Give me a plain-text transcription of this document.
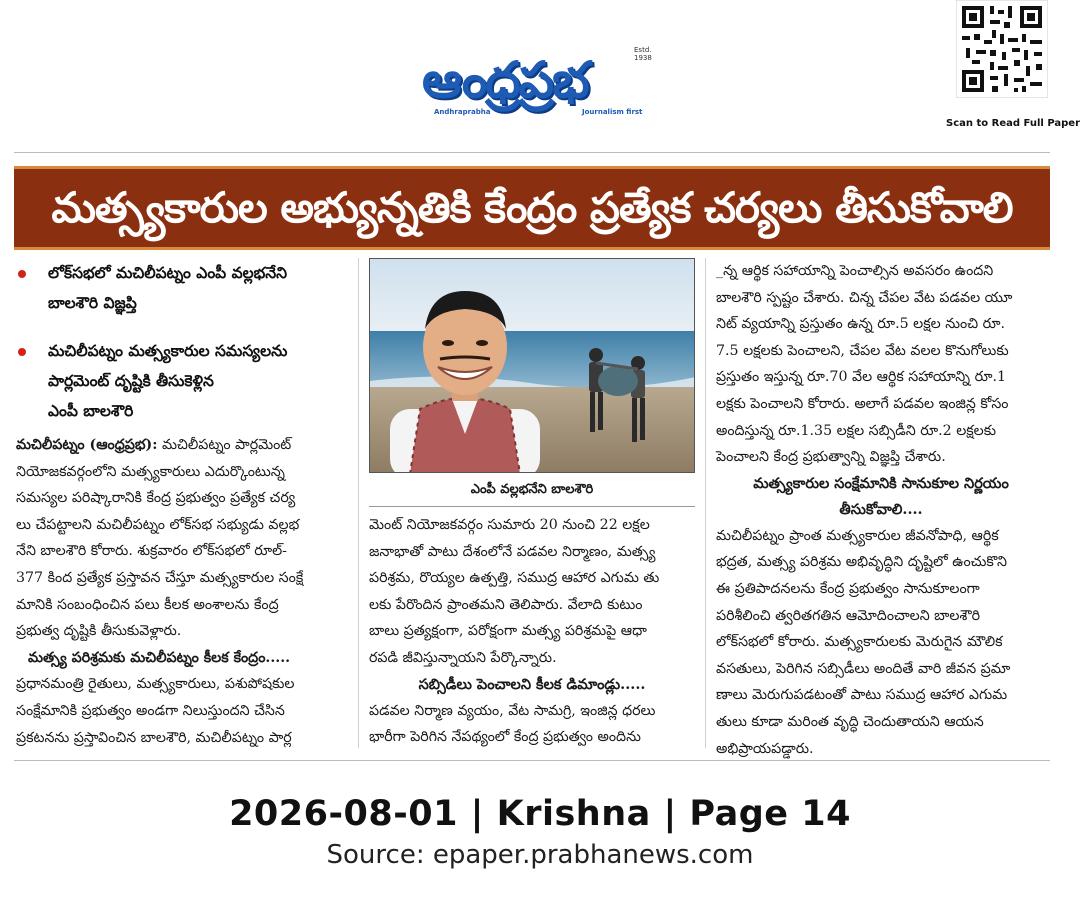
ఆంధ్రప్రభ
Estd. 1938
Andhraprabha	Journalism first
Scan to Read Full Paper
మత్స్యకారుల అభ్యున్నతికి కేంద్రం ప్రత్యేక చర్యలు తీసుకోవాలి
లోక్‌సభలో మచిలీపట్నం ఎంపీ వల్లభనేని
బాలశౌరి విజ్ఞప్తి
మచిలీపట్నం మత్స్యకారుల సమస్యలను
పార్లమెంట్ దృష్టికి తీసుకెళ్లిన
ఎంపీ బాలశౌరి
మచిలీపట్నం (ఆంధ్రప్రభ): మచిలీపట్నం పార్లమెంట్
నియోజకవర్గంలోని మత్స్యకారులు ఎదుర్కొంటున్న
సమస్యల పరిష్కారానికి కేంద్ర ప్రభుత్వం ప్రత్యేక చర్య
లు చేపట్టాలని మచిలీపట్నం లోక్‌సభ సభ్యుడు వల్లభ
నేని బాలశౌరి కోరారు. శుక్రవారం లోక్‌సభలో రూల్-
377 కింద ప్రత్యేక ప్రస్తావన చేస్తూ మత్స్యకారుల సంక్షే
మానికి సంబంధించిన పలు కీలక అంశాలను కేంద్ర
ప్రభుత్వ దృష్టికి తీసుకువెళ్లారు.
మత్స్య పరిశ్రమకు మచిలీపట్నం కీలక కేంద్రం.....
ప్రధానమంత్రి రైతులు, మత్స్యకారులు, పశుపోషకుల
సంక్షేమానికి ప్రభుత్వం అండగా నిలుస్తుందని చేసిన
ప్రకటనను ప్రస్తావించిన బాలశౌరి, మచిలీపట్నం పార్ల
ఎంపీ వల్లభనేని బాలశౌరి
మెంట్ నియోజకవర్గం సుమారు 20 నుంచి 22 లక్షల
జనాభాతో పాటు దేశంలోనే పడవల నిర్మాణం, మత్స్య
పరిశ్రమ, రొయ్యల ఉత్పత్తి, సముద్ర ఆహార ఎగుమ తు
లకు పేరొందిన ప్రాంతమని తెలిపారు. వేలాది కుటుం
బాలు ప్రత్యక్షంగా, పరోక్షంగా మత్స్య పరిశ్రమపై ఆధా
రపడి జీవిస్తున్నాయని పేర్కొన్నారు.
సబ్సిడీలు పెంచాలని కీలక డిమాండ్లు.....
పడవల నిర్మాణ వ్యయం, వేట సామగ్రి, ఇంజిన్ల ధరలు
భారీగా పెరిగిన నేపథ్యంలో కేంద్ర ప్రభుత్వం అందిను
_న్న ఆర్థిక సహాయాన్ని పెంచాల్సిన అవసరం ఉందని
బాలశౌరి స్పష్టం చేశారు. చిన్న చేపల వేట పడవల యూ
నిట్ వ్యయాన్ని ప్రస్తుతం ఉన్న రూ.5 లక్షల నుంచి రూ.
7.5 లక్షలకు పెంచాలని, చేపల వేట వలల కొనుగోలుకు
ప్రస్తుతం ఇస్తున్న రూ.70 వేల ఆర్థిక సహాయాన్ని రూ.1
లక్షకు పెంచాలని కోరారు. అలాగే పడవల ఇంజిన్ల కోసం
అందిస్తున్న రూ.1.35 లక్షల సబ్సిడీని రూ.2 లక్షలకు
పెంచాలని కేంద్ర ప్రభుత్వాన్ని విజ్ఞప్తి చేశారు.
మత్స్యకారుల సంక్షేమానికి సానుకూల నిర్ణయం
తీసుకోవాలి....
మచిలీపట్నం ప్రాంత మత్స్యకారుల జీవనోపాధి, ఆర్థిక
భద్రత, మత్స్య పరిశ్రమ అభివృద్ధిని దృష్టిలో ఉంచుకొని
ఈ ప్రతిపాదనలను కేంద్ర ప్రభుత్వం సానుకూలంగా
పరిశీలించి త్వరితగతిన ఆమోదించాలని బాలశౌరి
లోక్‌సభలో కోరారు. మత్స్యకారులకు మెరుగైన మౌలిక
వసతులు, పెరిగిన సబ్సిడీలు అందితే వారి జీవన ప్రమా
ణాలు మెరుగుపడటంతో పాటు సముద్ర ఆహార ఎగుమ
తులు కూడా మరింత వృద్ధి చెందుతాయని ఆయన
అభిప్రాయపడ్డారు.
2026-08-01 | Krishna | Page 14
Source: epaper.prabhanews.com
